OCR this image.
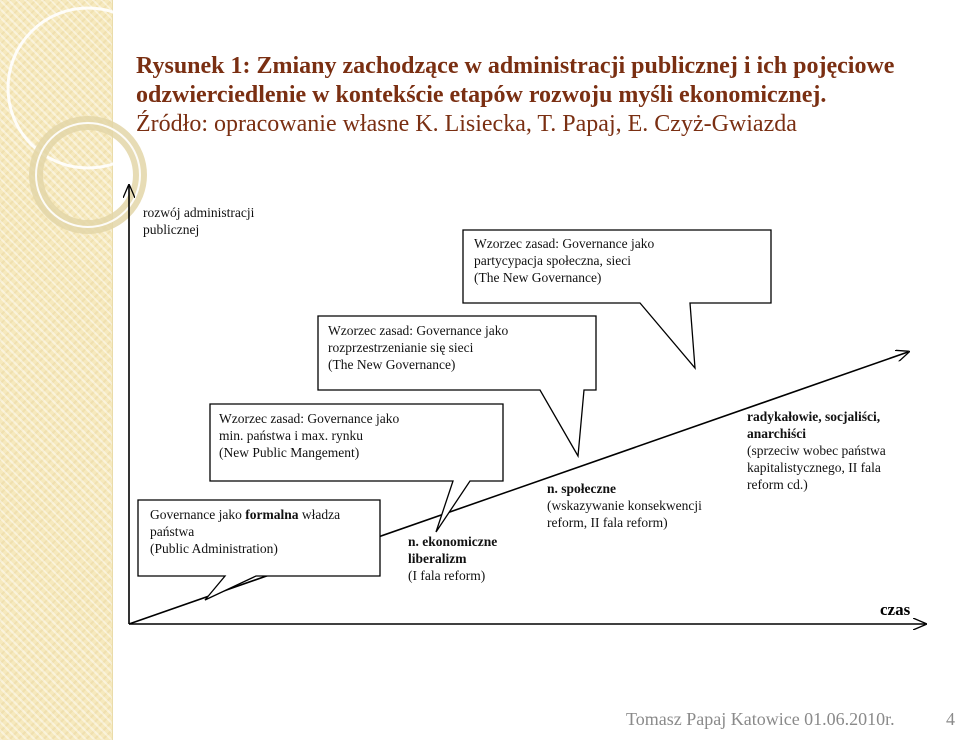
Rysunek 1: Zmiany zachodzące w administracji publicznej i ich pojęciowe
odzwierciedlenie w kontekście etapów rozwoju myśli ekonomicznej.
Źródło: opracowanie własne K. Lisiecka, T. Papaj, E. Czyż-Gwiazda
rozwój administracji publicznej
Wzorzec zasad: Governance jako
partycypacja społeczna, sieci
(The New Governance)
Wzorzec zasad: Governance jako
rozprzestrzenianie się sieci
(The New Governance)
Wzorzec zasad: Governance jako
min. państwa i max. rynku
(New Public Mangement)
Governance jako formalna władza
państwa
(Public Administration)	n. ekonomiczne
liberalizm
(I fala reform)
n. społeczne
(wskazywanie konsekwencji
reform, II fala reform)
radykałowie, socjaliści,
anarchiści
(sprzeciw wobec państwa
kapitalistycznego, II fala
reform cd.)
czas
Tomasz Papaj Katowice 01.06.2010r.	4
